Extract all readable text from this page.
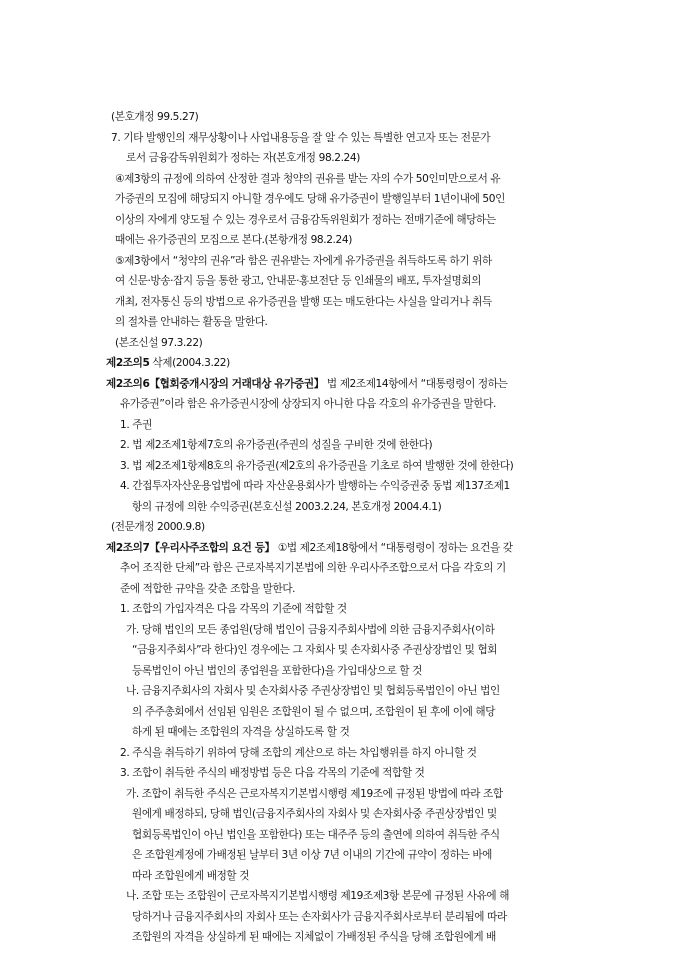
(본호개정 99.5.27)
7. 기타 발행인의 재무상황이나 사업내용등을 잘 알 수 있는 특별한 연고자 또는 전문가
로서 금융감독위원회가 정하는 자(본호개정 98.2.24)
④제3항의 규정에 의하여 산정한 결과 청약의 권유를 받는 자의 수가 50인미만으로서 유
가증권의 모집에 해당되지 아니할 경우에도 당해 유가증권이 발행일부터 1년이내에 50인
이상의 자에게 양도될 수 있는 경우로서 금융감독위원회가 정하는 전매기준에 해당하는
때에는 유가증권의 모집으로 본다.(본항개정 98.2.24)
⑤제3항에서 “청약의 권유”라 함은 권유받는 자에게 유가증권을 취득하도록 하기 위하
여 신문·방송·잡지 등을 통한 광고, 안내문·홍보전단 등 인쇄물의 배포, 투자설명회의
개최, 전자통신 등의 방법으로 유가증권을 발행 또는 매도한다는 사실을 알리거나 취득
의 절차를 안내하는 활동을 말한다.
(본조신설 97.3.22)
제2조의5 삭제(2004.3.22)
제2조의6【협회중개시장의 거래대상 유가증권】 법 제2조제14항에서 “대통령령이 정하는
유가증권”이라 함은 유가증권시장에 상장되지 아니한 다음 각호의 유가증권을 말한다.
1. 주권
2. 법 제2조제1항제7호의 유가증권(주권의 성질을 구비한 것에 한한다)
3. 법 제2조제1항제8호의 유가증권(제2호의 유가증권을 기초로 하여 발행한 것에 한한다)
4. 간접투자자산운용업법에 따라 자산운용회사가 발행하는 수익증권중 동법 제137조제1
항의 규정에 의한 수익증권(본호신설 2003.2.24, 본호개정 2004.4.1)
(전문개정 2000.9.8)
제2조의7【우리사주조합의 요건 등】 ①법 제2조제18항에서 “대통령령이 정하는 요건을 갖
추어 조직한 단체”라 함은 근로자복지기본법에 의한 우리사주조합으로서 다음 각호의 기
준에 적합한 규약을 갖춘 조합을 말한다.
1. 조합의 가입자격은 다음 각목의 기준에 적합할 것
가. 당해 법인의 모든 종업원(당해 법인이 금융지주회사법에 의한 금융지주회사(이하
“금융지주회사”라 한다)인 경우에는 그 자회사 및 손자회사중 주권상장법인 및 협회
등록법인이 아닌 법인의 종업원을 포함한다)을 가입대상으로 할 것
나. 금융지주회사의 자회사 및 손자회사중 주권상장법인 및 협회등록법인이 아닌 법인
의 주주총회에서 선임된 임원은 조합원이 될 수 없으며, 조합원이 된 후에 이에 해당
하게 된 때에는 조합원의 자격을 상실하도록 할 것
2. 주식을 취득하기 위하여 당해 조합의 계산으로 하는 차입행위를 하지 아니할 것
3. 조합이 취득한 주식의 배정방법 등은 다음 각목의 기준에 적합할 것
가. 조합이 취득한 주식은 근로자복지기본법시행령 제19조에 규정된 방법에 따라 조합
원에게 배정하되, 당해 법인(금융지주회사의 자회사 및 손자회사중 주권상장법인 및
협회등록법인이 아닌 법인을 포함한다) 또는 대주주 등의 출연에 의하여 취득한 주식
은 조합원계정에 가배정된 날부터 3년 이상 7년 이내의 기간에 규약이 정하는 바에
따라 조합원에게 배정할 것
나. 조합 또는 조합원이 근로자복지기본법시행령 제19조제3항 본문에 규정된 사유에 해
당하거나 금융지주회사의 자회사 또는 손자회사가 금융지주회사로부터 분리됨에 따라
조합원의 자격을 상실하게 된 때에는 지체없이 가배정된 주식을 당해 조합원에게 배
